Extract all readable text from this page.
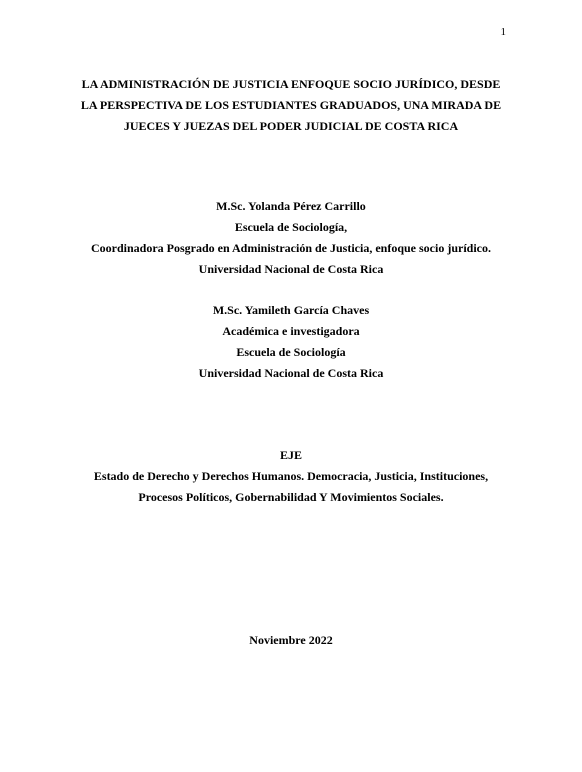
1
LA ADMINISTRACIÓN DE JUSTICIA ENFOQUE SOCIO JURÍDICO, DESDE
LA PERSPECTIVA DE LOS ESTUDIANTES GRADUADOS, UNA MIRADA DE
JUECES Y JUEZAS DEL PODER JUDICIAL DE COSTA RICA
M.Sc. Yolanda Pérez Carrillo
Escuela de Sociología,
Coordinadora Posgrado en Administración de Justicia, enfoque socio jurídico.
Universidad Nacional de Costa Rica
M.Sc. Yamileth García Chaves
Académica e investigadora
Escuela de Sociología
Universidad Nacional de Costa Rica
EJE
Estado de Derecho y Derechos Humanos. Democracia, Justicia, Instituciones,
Procesos Políticos, Gobernabilidad Y Movimientos Sociales.
Noviembre 2022
